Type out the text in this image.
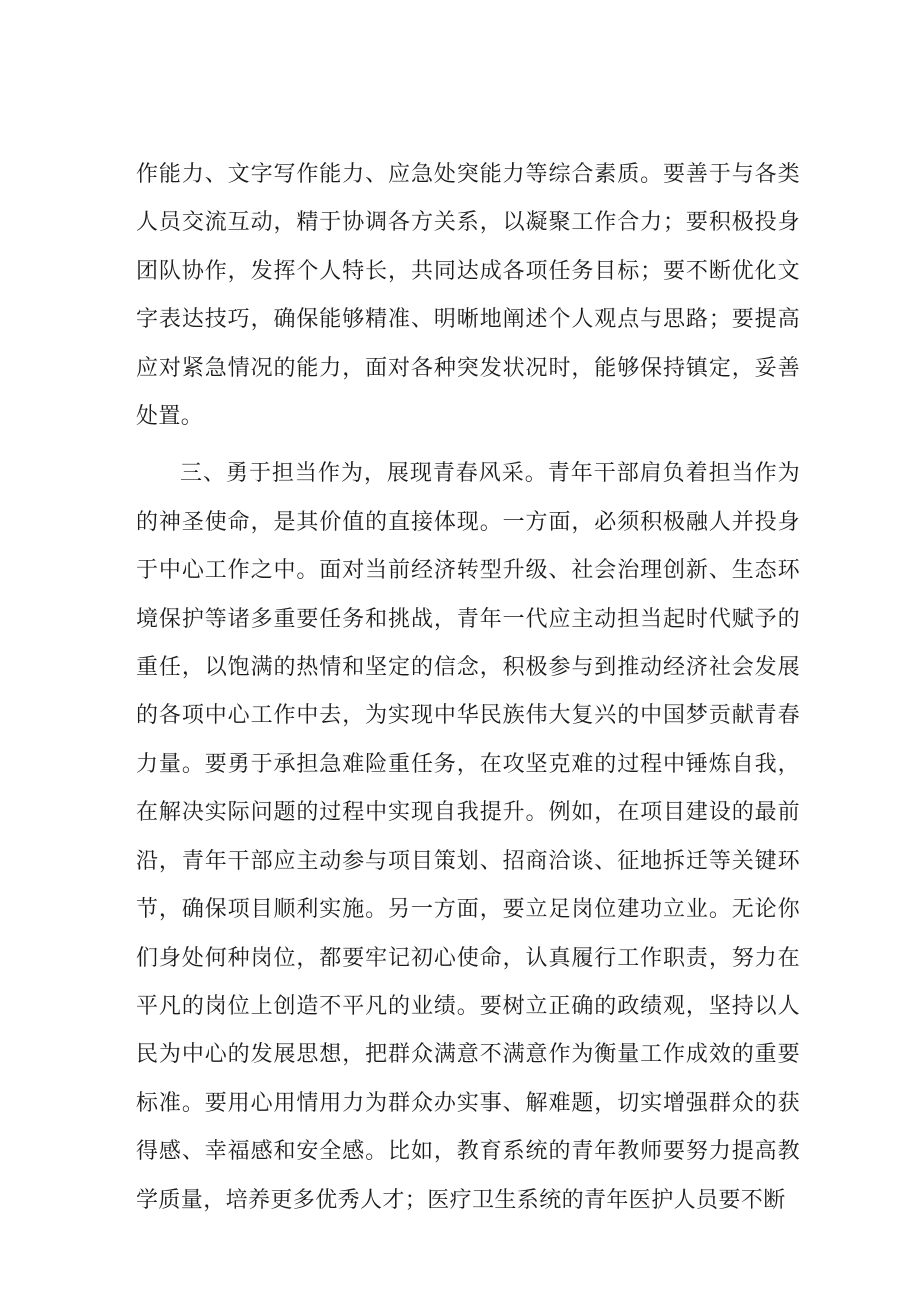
作能力、文字写作能力、应急处突能力等综合素质。要善于与各类人员交流互动，精于协调各方关系，以凝聚工作合力；要积极投身团队协作，发挥个人特长，共同达成各项任务目标；要不断优化文字表达技巧，确保能够精准、明晰地阐述个人观点与思路；要提高应对紧急情况的能力，面对各种突发状况时，能够保持镇定，妥善处置。

三、勇于担当作为，展现青春风采。青年干部肩负着担当作为的神圣使命，是其价值的直接体现。一方面，必须积极融人并投身于中心工作之中。面对当前经济转型升级、社会治理创新、生态环境保护等诸多重要任务和挑战，青年一代应主动担当起时代赋予的重任，以饱满的热情和坚定的信念，积极参与到推动经济社会发展的各项中心工作中去，为实现中华民族伟大复兴的中国梦贡献青春力量。要勇于承担急难险重任务，在攻坚克难的过程中锤炼自我，在解决实际问题的过程中实现自我提升。例如，在项目建设的最前沿，青年干部应主动参与项目策划、招商洽谈、征地拆迁等关键环节，确保项目顺利实施。另一方面，要立足岗位建功立业。无论你们身处何种岗位，都要牢记初心使命，认真履行工作职责，努力在平凡的岗位上创造不平凡的业绩。要树立正确的政绩观，坚持以人民为中心的发展思想，把群众满意不满意作为衡量工作成效的重要标准。要用心用情用力为群众办实事、解难题，切实增强群众的获得感、幸福感和安全感。比如，教育系统的青年教师要努力提高教学质量，培养更多优秀人才；医疗卫生系统的青年医护人员要不断
